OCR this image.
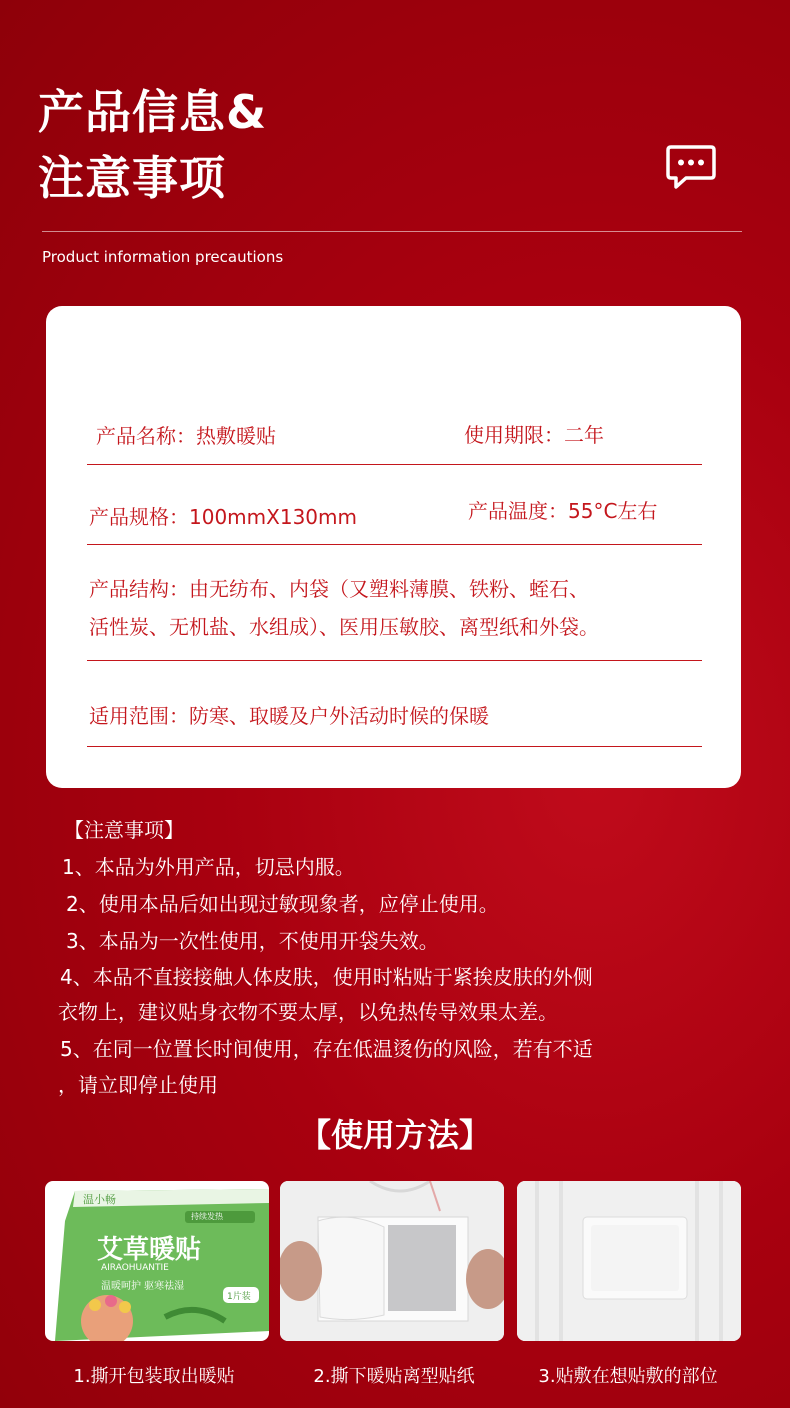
产品信息&
注意事项
Product information precautions
产品名称：热敷暖贴	使用期限：二年
产品规格：100mmX130mm	产品温度：55°C左右
产品结构：由无纺布、内袋（又塑料薄膜、铁粉、蛭石、
活性炭、无机盐、水组成）、医用压敏胶、离型纸和外袋。
适用范围：防寒、取暖及户外活动时候的保暖
【注意事项】
1、本品为外用产品，切忌内服。
2、使用本品后如出现过敏现象者，应停止使用。
3、本品为一次性使用，不使用开袋失效。
4、本品不直接接触人体皮肤，使用时粘贴于紧挨皮肤的外侧
衣物上，建议贴身衣物不要太厚，以免热传导效果太差。
5、在同一位置长时间使用，存在低温烫伤的风险，若有不适
，请立即停止使用
【使用方法】
温小畅
持续发热
艾草暖贴
AIRAOHUANTIE
温暖呵护 驱寒祛湿
1片装
1.撕开包装取出暖贴	2.撕下暖贴离型贴纸	3.贴敷在想贴敷的部位
